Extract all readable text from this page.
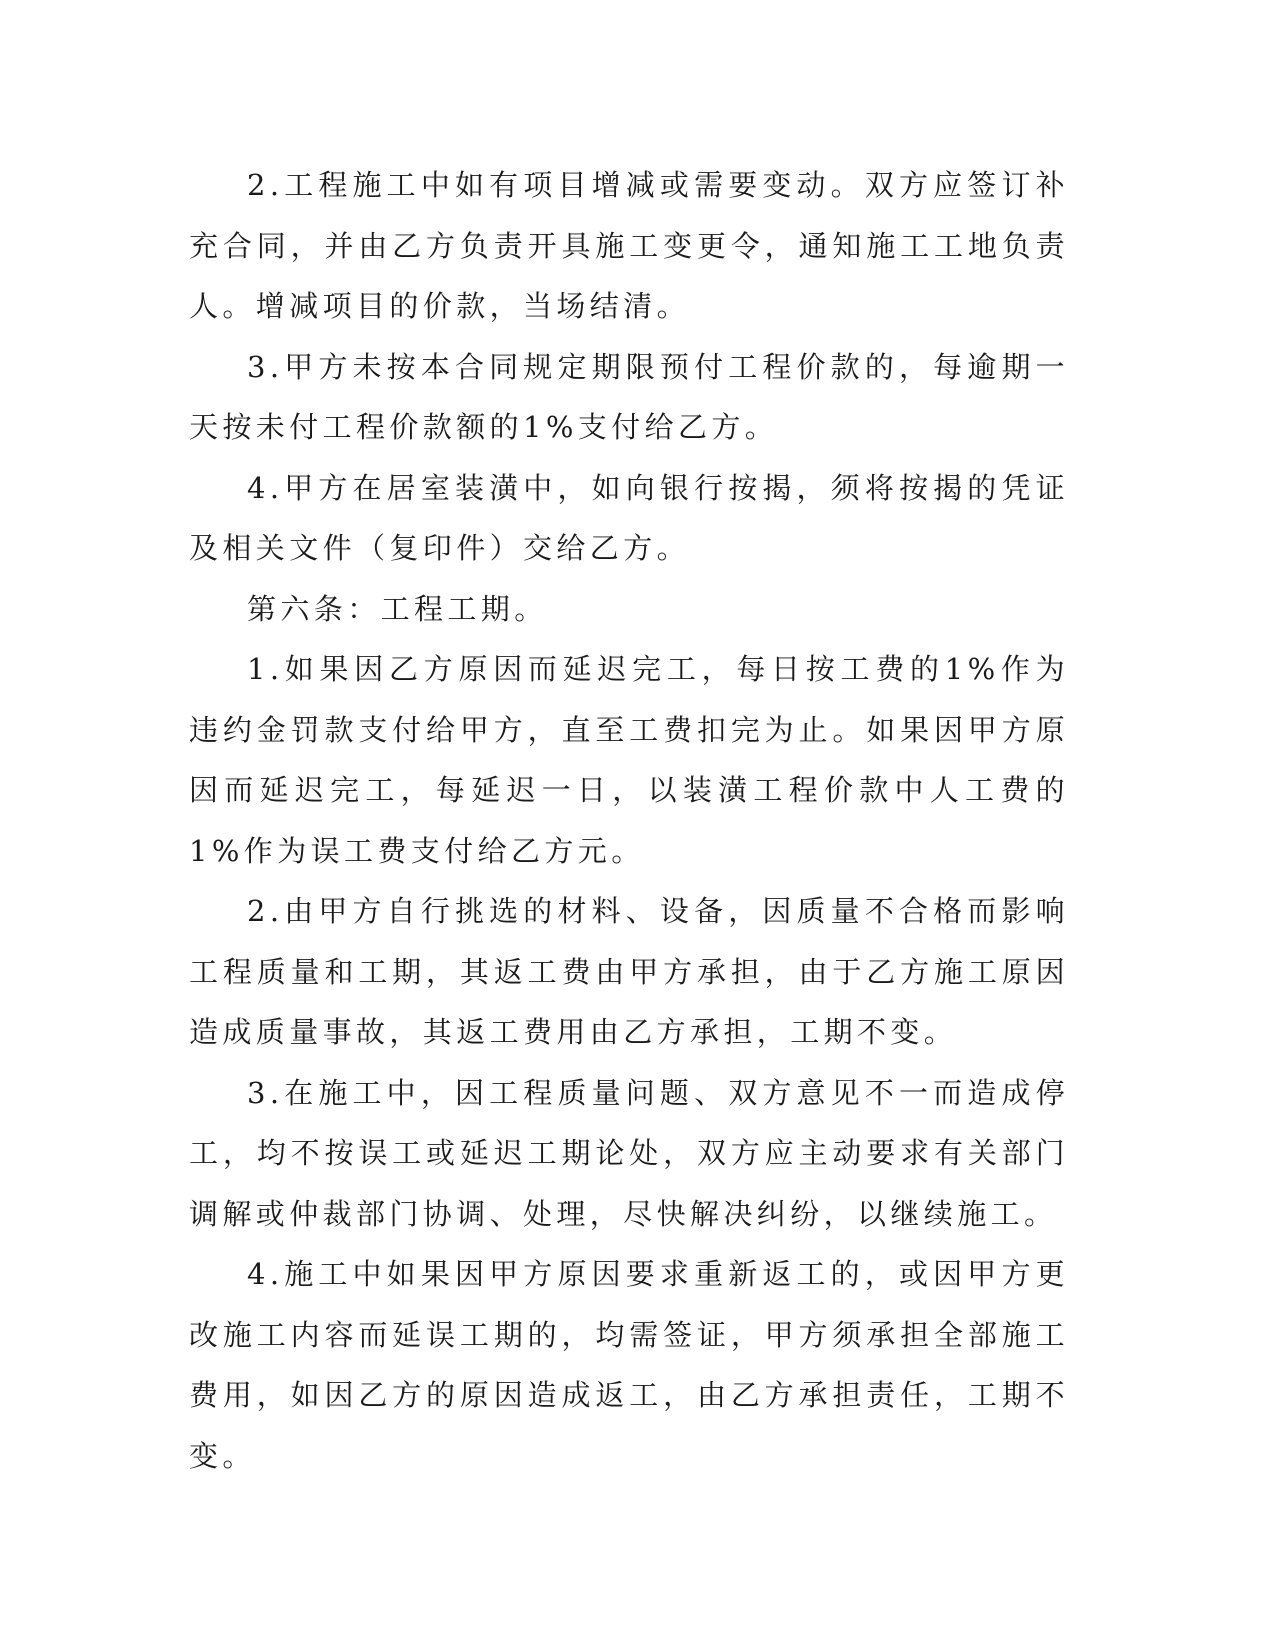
2.工程施工中如有项目增减或需要变动。双方应签订补充合同，并由乙方负责开具施工变更令，通知施工工地负责人。增减项目的价款，当场结清。

3.甲方未按本合同规定期限预付工程价款的，每逾期一天按未付工程价款额的1%支付给乙方。

4.甲方在居室装潢中，如向银行按揭，须将按揭的凭证及相关文件（复印件）交给乙方。

第六条：工程工期。

1.如果因乙方原因而延迟完工，每日按工费的1%作为违约金罚款支付给甲方，直至工费扣完为止。如果因甲方原因而延迟完工，每延迟一日，以装潢工程价款中人工费的1%作为误工费支付给乙方元。

2.由甲方自行挑选的材料、设备，因质量不合格而影响工程质量和工期，其返工费由甲方承担，由于乙方施工原因造成质量事故，其返工费用由乙方承担，工期不变。

3.在施工中，因工程质量问题、双方意见不一而造成停工，均不按误工或延迟工期论处，双方应主动要求有关部门调解或仲裁部门协调、处理，尽快解决纠纷，以继续施工。

4.施工中如果因甲方原因要求重新返工的，或因甲方更改施工内容而延误工期的，均需签证，甲方须承担全部施工费用，如因乙方的原因造成返工，由乙方承担责任，工期不变。
